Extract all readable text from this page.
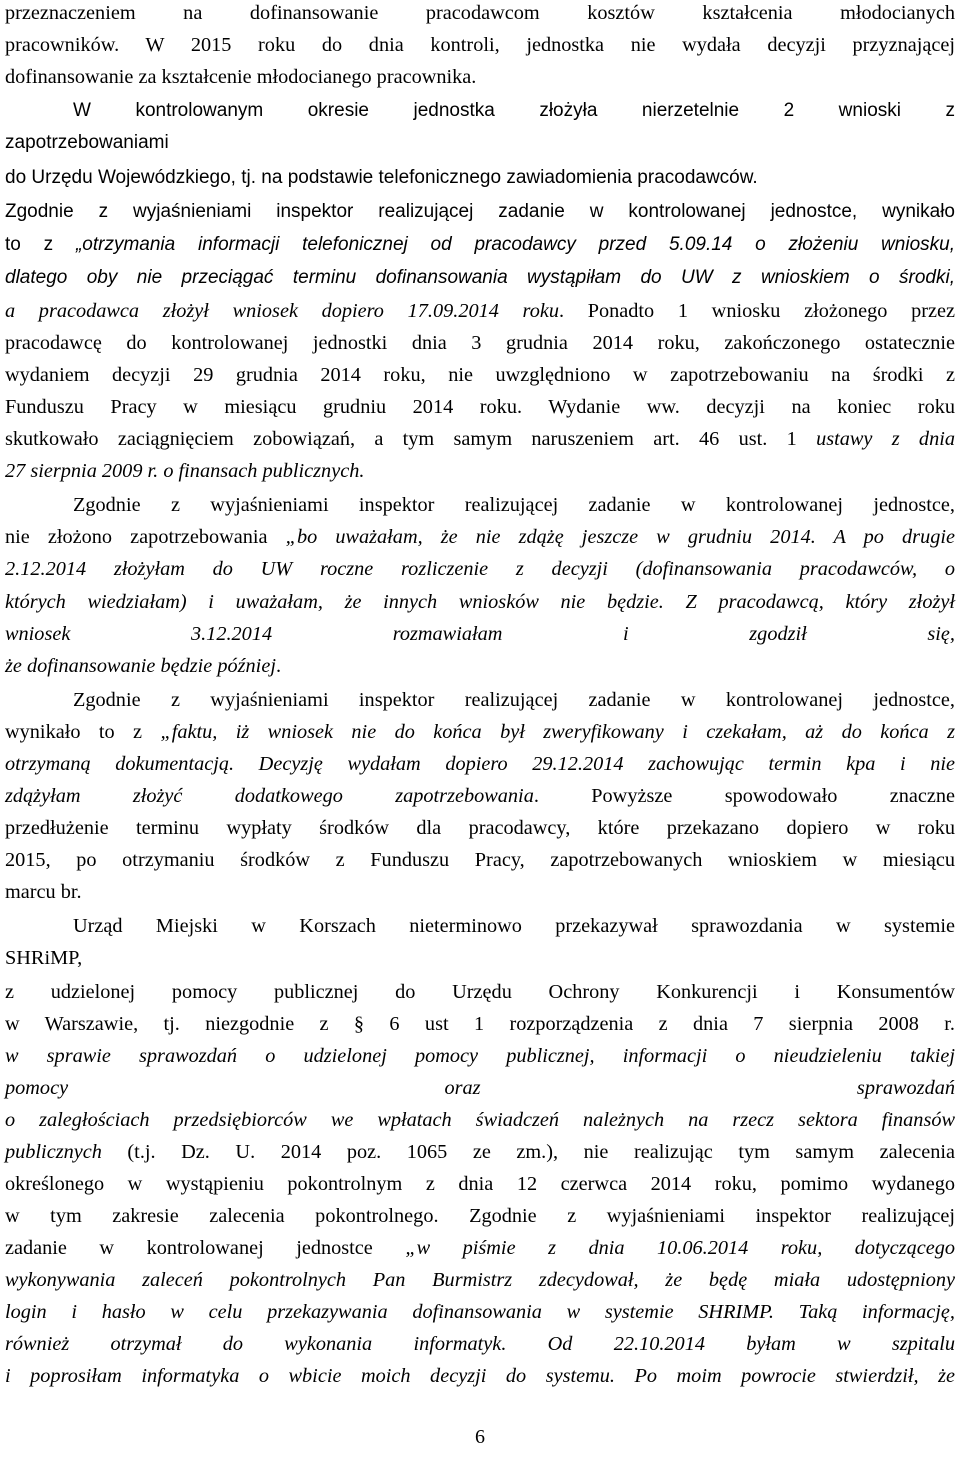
przeznaczeniem na dofinansowanie pracodawcom kosztów kształcenia młodocianych
pracowników. W 2015 roku do dnia kontroli, jednostka nie wydała decyzji przyznającej
dofinansowanie za kształcenie młodocianego pracownika.
W kontrolowanym okresie jednostka złożyła nierzetelnie 2 wnioski z
zapotrzebowaniami
do Urzędu Wojewódzkiego, tj. na podstawie telefonicznego zawiadomienia pracodawców.
Zgodnie z wyjaśnieniami inspektor realizującej zadanie w kontrolowanej jednostce, wynikało
to z „otrzymania informacji telefonicznej od pracodawcy przed 5.09.14 o złożeniu wniosku,
dlatego oby nie przeciągać terminu dofinansowania wystąpiłam do UW z wnioskiem o środki,
a pracodawca złożył wniosek dopiero 17.09.2014 roku. Ponadto 1 wniosku złożonego przez
pracodawcę do kontrolowanej jednostki dnia 3 grudnia 2014 roku, zakończonego ostatecznie
wydaniem decyzji 29 grudnia 2014 roku, nie uwzględniono w zapotrzebowaniu na środki z
Funduszu Pracy w miesiącu grudniu 2014 roku. Wydanie ww. decyzji na koniec roku
skutkowało zaciągnięciem zobowiązań, a tym samym naruszeniem art. 46 ust. 1 ustawy z dnia
27 sierpnia 2009 r. o finansach publicznych.
Zgodnie z wyjaśnieniami inspektor realizującej zadanie w kontrolowanej jednostce,
nie złożono zapotrzebowania „bo uważałam, że nie zdążę jeszcze w grudniu 2014. A po drugie
2.12.2014 złożyłam do UW roczne rozliczenie z decyzji (dofinansowania pracodawców, o
których wiedziałam) i uważałam, że innych wniosków nie będzie. Z pracodawcą, który złożył
wniosek 3.12.2014 rozmawiałam i zgodził się,
że dofinansowanie będzie później.
Zgodnie z wyjaśnieniami inspektor realizującej zadanie w kontrolowanej jednostce,
wynikało to z „faktu, iż wniosek nie do końca był zweryfikowany i czekałam, aż do końca z
otrzymaną dokumentacją. Decyzję wydałam dopiero 29.12.2014 zachowując termin kpa i nie
zdążyłam złożyć dodatkowego zapotrzebowania. Powyższe spowodowało znaczne
przedłużenie terminu wypłaty środków dla pracodawcy, które przekazano dopiero w roku
2015, po otrzymaniu środków z Funduszu Pracy, zapotrzebowanych wnioskiem w miesiącu
marcu br.
Urząd Miejski w Korszach nieterminowo przekazywał sprawozdania w systemie
SHRiMP,
z udzielonej pomocy publicznej do Urzędu Ochrony Konkurencji i Konsumentów
w Warszawie, tj. niezgodnie z § 6 ust 1 rozporządzenia z dnia 7 sierpnia 2008 r.
w sprawie sprawozdań o udzielonej pomocy publicznej, informacji o nieudzieleniu takiej
pomocy oraz sprawozdań
o zaległościach przedsiębiorców we wpłatach świadczeń należnych na rzecz sektora finansów
publicznych (t.j. Dz. U. 2014 poz. 1065 ze zm.), nie realizując tym samym zalecenia
określonego w wystąpieniu pokontrolnym z dnia 12 czerwca 2014 roku, pomimo wydanego
w tym zakresie zalecenia pokontrolnego. Zgodnie z wyjaśnieniami inspektor realizującej
zadanie w kontrolowanej jednostce „w piśmie z dnia 10.06.2014 roku, dotyczącego
wykonywania zaleceń pokontrolnych Pan Burmistrz zdecydował, że będę miała udostępniony
login i hasło w celu przekazywania dofinansowania w systemie SHRIMP. Taką informację,
również otrzymał do wykonania informatyk. Od 22.10.2014 byłam w szpitalu
i poprosiłam informatyka o wbicie moich decyzji do systemu. Po moim powrocie stwierdził, że
6
